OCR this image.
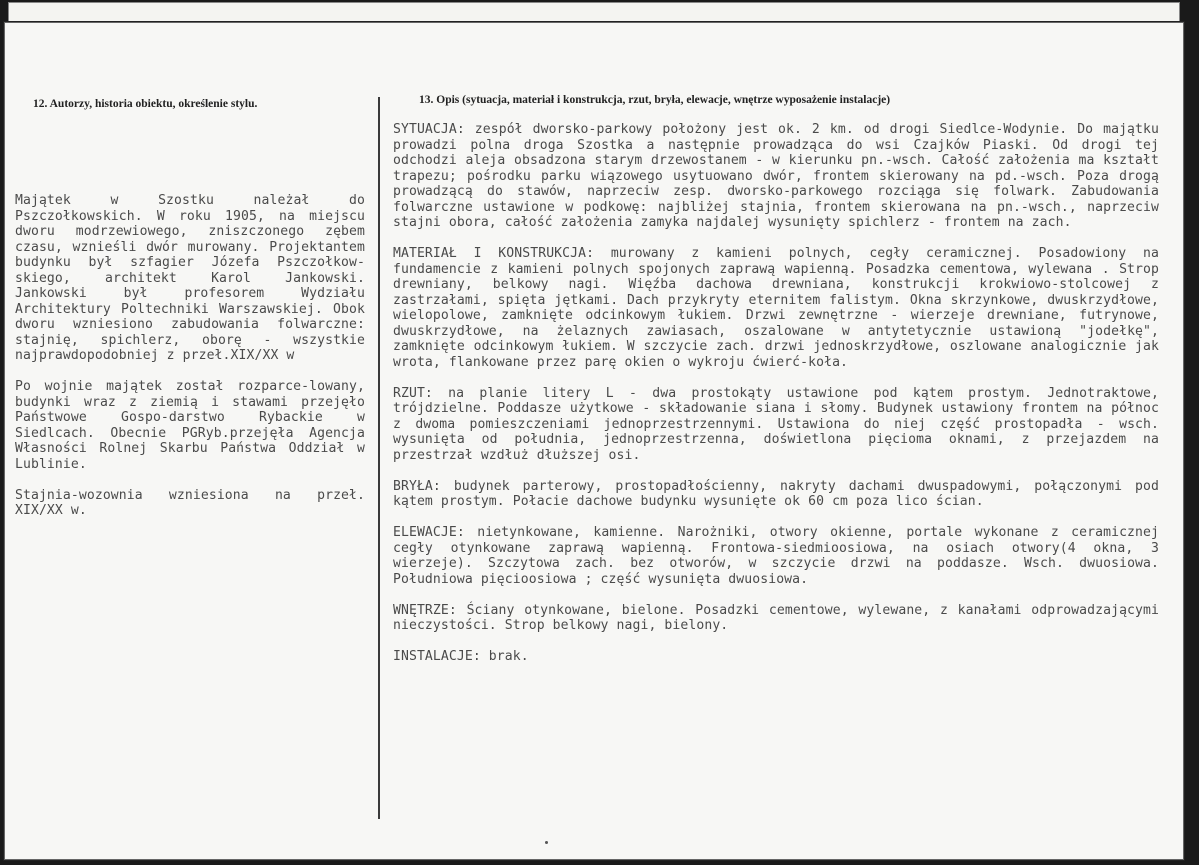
12. Autorzy, historia obiektu, określenie stylu.

Majątek w Szostku należał do Pszczołkowskich. W roku 1905, na miejscu dworu modrzewiowego, zniszczonego zębem czasu, wznieśli dwór murowany. Projektantem budynku był szfagier Józefa Pszczołkow-skiego, architekt Karol Jankowski. Jankowski był profesorem Wydziału Architektury Poltechniki Warszawskiej. Obok dworu wzniesiono zabudowania folwarczne: stajnię, spichlerz, oborę - wszystkie najprawdopodobniej z przeł.XIX/XX w

Po wojnie majątek został rozparce-lowany, budynki wraz z ziemią i stawami przejęło Państwowe Gospo-darstwo Rybackie w Siedlcach. Obecnie PGRyb.przejęła Agencja Własności Rolnej Skarbu Państwa Oddział w Lublinie.

Stajnia-wozownia wzniesiona na przeł. XIX/XX w.

13. Opis (sytuacja, materiał i konstrukcja, rzut, bryła, elewacje, wnętrze wyposażenie instalacje)

SYTUACJA: zespół dworsko-parkowy położony jest ok. 2 km. od drogi Siedlce-Wodynie. Do majątku prowadzi polna droga Szostka a następnie prowadząca do wsi Czajków Piaski. Od drogi tej odchodzi aleja obsadzona starym drzewostanem - w kierunku pn.-wsch. Całość założenia ma kształt trapezu; pośrodku parku wiązowego usytuowano dwór, frontem skierowany na pd.-wsch. Poza drogą prowadzącą do stawów, naprzeciw zesp. dworsko-parkowego rozciąga się folwark. Zabudowania folwarczne ustawione w podkowę: najbliżej stajnia, frontem skierowana na pn.-wsch., naprzeciw stajni obora, całość założenia zamyka najdalej wysunięty spichlerz - frontem na zach.

MATERIAŁ I KONSTRUKCJA: murowany z kamieni polnych, cegły ceramicznej. Posadowiony na fundamencie z kamieni polnych spojonych zaprawą wapienną. Posadzka cementowa, wylewana . Strop drewniany, belkowy nagi. Więźba dachowa drewniana, konstrukcji krokwiowo-stolcowej z zastrzałami, spięta jętkami. Dach przykryty eternitem falistym. Okna skrzynkowe, dwuskrzydłowe, wielopolowe, zamknięte odcinkowym łukiem. Drzwi zewnętrzne - wierzeje drewniane, futrynowe, dwuskrzydłowe, na żelaznych zawiasach, oszalowane w antytetycznie ustawioną "jodełkę", zamknięte odcinkowym łukiem. W szczycie zach. drzwi jednoskrzydłowe, oszlowane analogicznie jak wrota, flankowane przez parę okien o wykroju ćwierć-koła.

RZUT: na planie litery L - dwa prostokąty ustawione pod kątem prostym. Jednotraktowe, trójdzielne. Poddasze użytkowe - składowanie siana i słomy. Budynek ustawiony frontem na północ z dwoma pomieszczeniami jednoprzestrzennymi. Ustawiona do niej część prostopadła - wsch. wysunięta od południa, jednoprzestrzenna, doświetlona pięcioma oknami, z przejazdem na przestrzał wzdłuż dłuższej osi.

BRYŁA: budynek parterowy, prostopadłościenny, nakryty dachami dwuspadowymi, połączonymi pod kątem prostym. Połacie dachowe budynku wysunięte ok 60 cm poza lico ścian.

ELEWACJE: nietynkowane, kamienne. Narożniki, otwory okienne, portale wykonane z ceramicznej cegły otynkowane zaprawą wapienną. Frontowa-siedmioosiowa, na osiach otwory(4 okna, 3 wierzeje). Szczytowa zach. bez otworów, w szczycie drzwi na poddasze. Wsch. dwuosiowa. Południowa pięcioosiowa ; część wysunięta dwuosiowa.

WNĘTRZE: Ściany otynkowane, bielone. Posadzki cementowe, wylewane, z kanałami odprowadzającymi nieczystości. Strop belkowy nagi, bielony.

INSTALACJE: brak.
